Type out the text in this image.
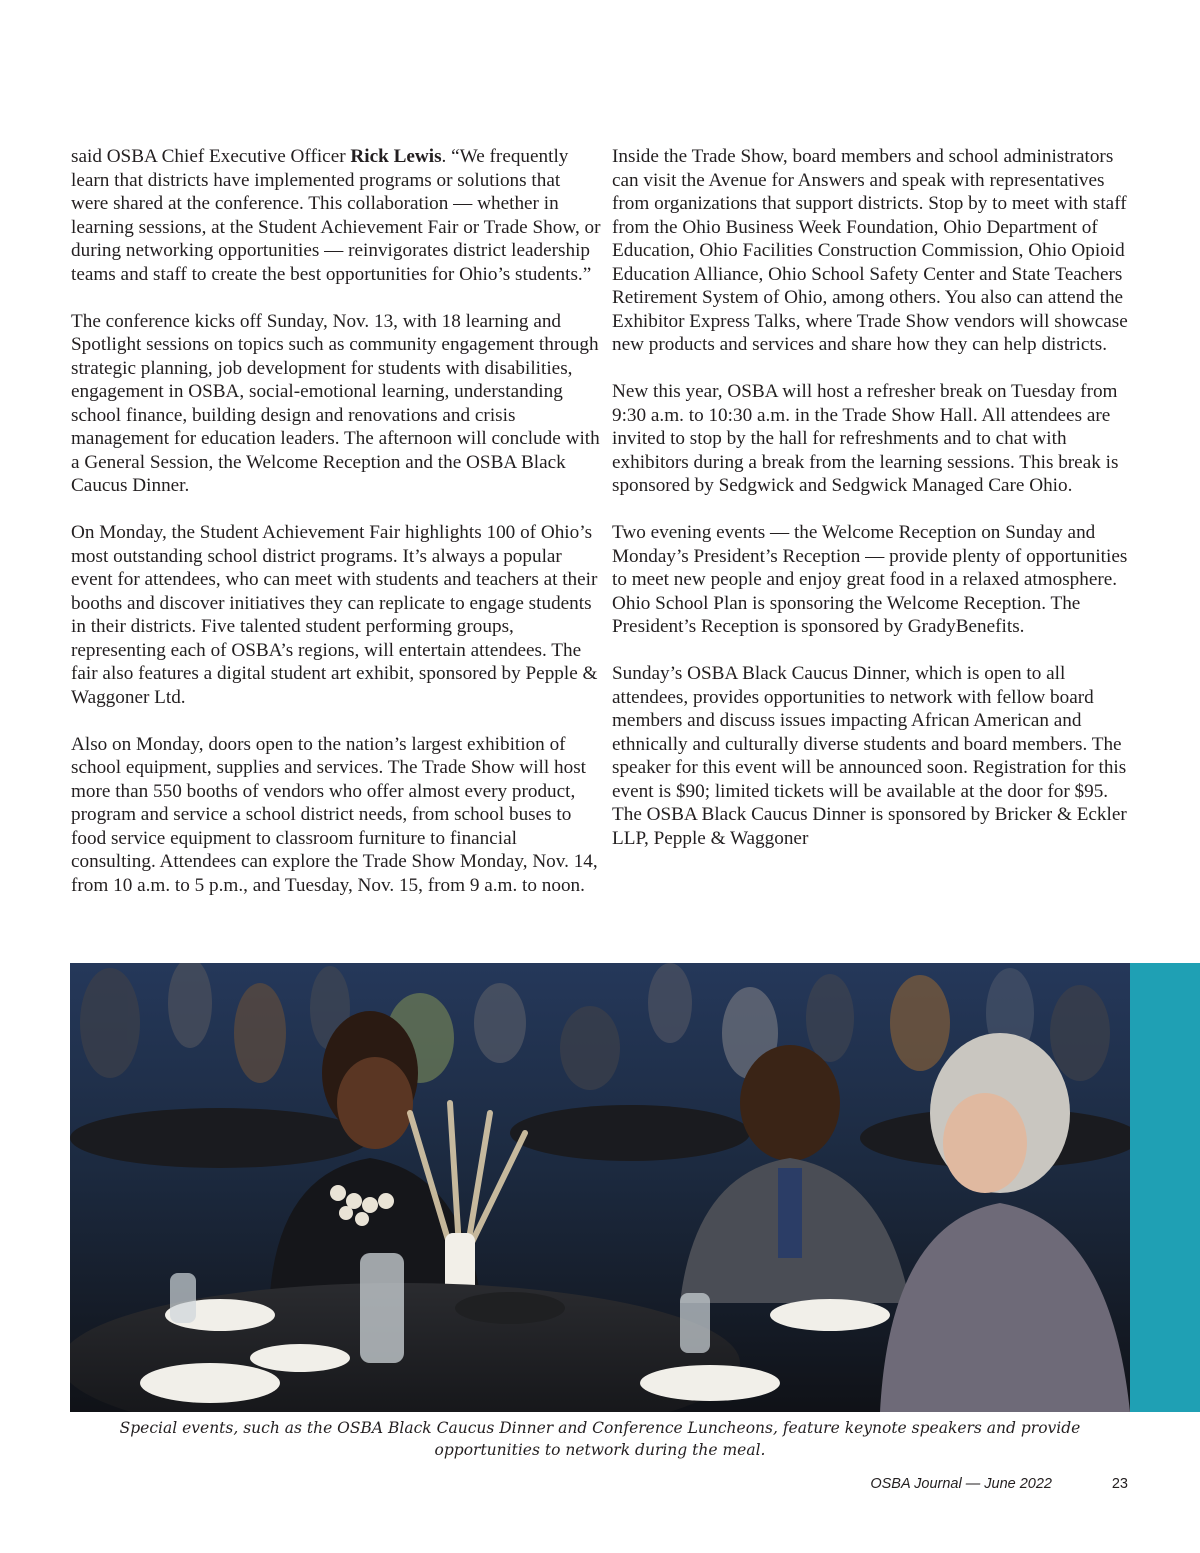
said OSBA Chief Executive Officer Rick Lewis. “We frequently learn that districts have implemented programs or solutions that were shared at the conference. This collaboration — whether in learning sessions, at the Student Achievement Fair or Trade Show, or during networking opportunities — reinvigorates district leadership teams and staff to create the best opportunities for Ohio’s students.”

The conference kicks off Sunday, Nov. 13, with 18 learning and Spotlight sessions on topics such as community engagement through strategic planning, job development for students with disabilities, engagement in OSBA, social-emotional learning, understanding school finance, building design and renovations and crisis management for education leaders. The afternoon will conclude with a General Session, the Welcome Reception and the OSBA Black Caucus Dinner.

On Monday, the Student Achievement Fair highlights 100 of Ohio’s most outstanding school district programs. It’s always a popular event for attendees, who can meet with students and teachers at their booths and discover initiatives they can replicate to engage students in their districts. Five talented student performing groups, representing each of OSBA’s regions, will entertain attendees. The fair also features a digital student art exhibit, sponsored by Pepple & Waggoner Ltd.

Also on Monday, doors open to the nation’s largest exhibition of school equipment, supplies and services. The Trade Show will host more than 550 booths of vendors who offer almost every product, program and service a school district needs, from school buses to food service equipment to classroom furniture to financial consulting. Attendees can explore the Trade Show Monday, Nov. 14, from 10 a.m. to 5 p.m., and Tuesday, Nov. 15, from 9 a.m. to noon.

Inside the Trade Show, board members and school administrators can visit the Avenue for Answers and speak with representatives from organizations that support districts. Stop by to meet with staff from the Ohio Business Week Foundation, Ohio Department of Education, Ohio Facilities Construction Commission, Ohio Opioid Education Alliance, Ohio School Safety Center and State Teachers Retirement System of Ohio, among others. You also can attend the Exhibitor Express Talks, where Trade Show vendors will showcase new products and services and share how they can help districts.

New this year, OSBA will host a refresher break on Tuesday from 9:30 a.m. to 10:30 a.m. in the Trade Show Hall. All attendees are invited to stop by the hall for refreshments and to chat with exhibitors during a break from the learning sessions. This break is sponsored by Sedgwick and Sedgwick Managed Care Ohio.

Two evening events — the Welcome Reception on Sunday and Monday’s President’s Reception — provide plenty of opportunities to meet new people and enjoy great food in a relaxed atmosphere. Ohio School Plan is sponsoring the Welcome Reception. The President’s Reception is sponsored by GradyBenefits.

Sunday’s OSBA Black Caucus Dinner, which is open to all attendees, provides opportunities to network with fellow board members and discuss issues impacting African American and ethnically and culturally diverse students and board members. The speaker for this event will be announced soon. Registration for this event is $90; limited tickets will be available at the door for $95. The OSBA Black Caucus Dinner is sponsored by Bricker & Eckler LLP, Pepple & Waggoner

Special events, such as the OSBA Black Caucus Dinner and Conference Luncheons, feature keynote speakers and provide opportunities to network during the meal.
OSBA Journal — June 2022	23
